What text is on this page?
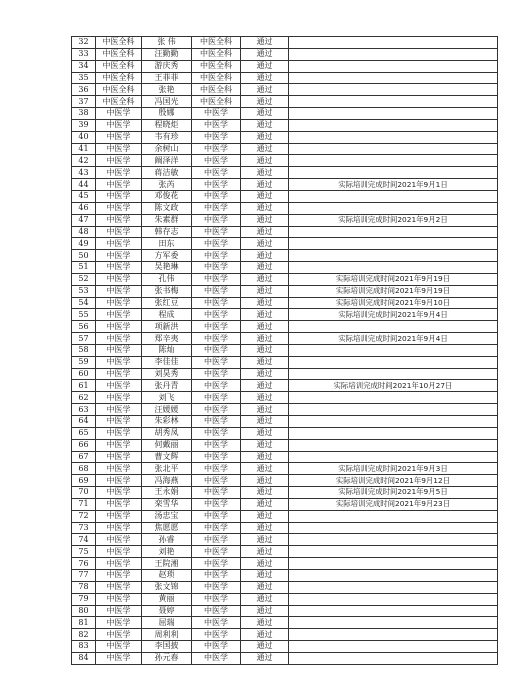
32	中医全科	张 伟	中医全科	通过	
33	中医全科	汪勤勤	中医全科	通过	
34	中医全科	游庆秀	中医全科	通过	
35	中医全科	王菲菲	中医全科	通过	
36	中医全科	张艳	中医全科	通过	
37	中医全科	冯国光	中医全科	通过	
38	中医学	殷娜	中医学	通过	
39	中医学	程晓炬	中医学	通过	
40	中医学	韦有珍	中医学	通过	
41	中医学	余树山	中医学	通过	
42	中医学	阚泽洋	中医学	通过	
43	中医学	蒋洁敏	中医学	通过	
44	中医学	张芮	中医学	通过	实际培训完成时间2021年9月1日
45	中医学	邓俊花	中医学	通过	
46	中医学	陈文政	中医学	通过	
47	中医学	朱素群	中医学	通过	实际培训完成时间2021年9月2日
48	中医学	韩存志	中医学	通过	
49	中医学	田东	中医学	通过	
50	中医学	方军委	中医学	通过	
51	中医学	吴艳琳	中医学	通过	
52	中医学	孔伟	中医学	通过	实际培训完成时间2021年9月19日
53	中医学	张书梅	中医学	通过	实际培训完成时间2021年9月19日
54	中医学	张红豆	中医学	通过	实际培训完成时间2021年9月10日
55	中医学	程成	中医学	通过	实际培训完成时间2021年9月4日
56	中医学	项新洪	中医学	通过	
57	中医学	郑辛夷	中医学	通过	实际培训完成时间2021年9月4日
58	中医学	陈灿	中医学	通过	
59	中医学	李佳佳	中医学	通过	
60	中医学	刘昊秀	中医学	通过	
61	中医学	张丹青	中医学	通过	实际培训完成时间2021年10月27日
62	中医学	刘飞	中医学	通过	
63	中医学	汪媛媛	中医学	通过	
64	中医学	朱彩林	中医学	通过	
65	中医学	胡秀凤	中医学	通过	
66	中医学	何戴丽	中医学	通过	
67	中医学	曹文辉	中医学	通过	
68	中医学	张北平	中医学	通过	实际培训完成时间2021年9月3日
69	中医学	冯海燕	中医学	通过	实际培训完成时间2021年9月12日
70	中医学	王永娟	中医学	通过	实际培训完成时间2021年9月5日
71	中医学	栾雪华	中医学	通过	实际培训完成时间2021年9月23日
72	中医学	汤忠宝	中医学	通过	
73	中医学	焦愿愿	中医学	通过	
74	中医学	孙睿	中医学	通过	
75	中医学	刘艳	中医学	通过	
76	中医学	王院湘	中医学	通过	
77	中医学	赵琐	中医学	通过	
78	中医学	张文锦	中医学	通过	
79	中医学	黄丽	中医学	通过	
80	中医学	聂婷	中医学	通过	
81	中医学	屈瑞	中医学	通过	
82	中医学	周利利	中医学	通过	
83	中医学	李国披	中医学	通过	
84	中医学	孙元春	中医学	通过	
